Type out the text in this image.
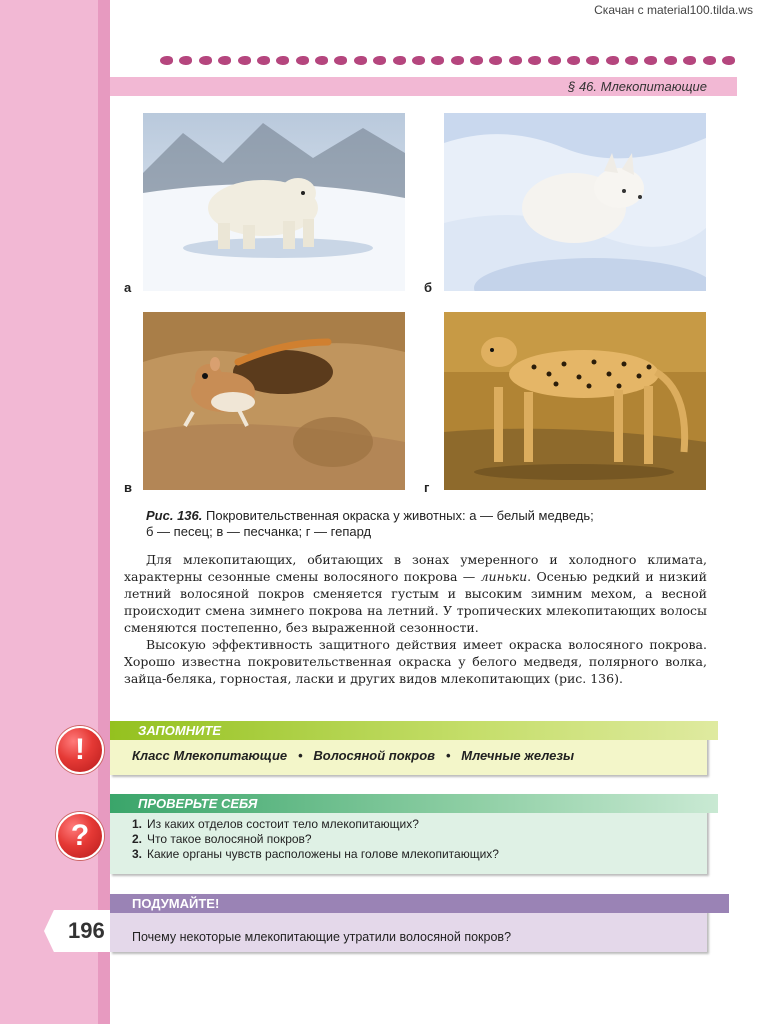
Скачан с material100.tilda.ws
§ 46. Млекопитающие
а	б
в	г
Рис. 136. Покровительственная окраска у животных: а — белый медведь;
б — песец; в — песчанка; г — гепард

Для млекопитающих, обитающих в зонах умеренного и холодного климата, характерны сезонные смены волосяного покрова — линьки. Осенью редкий и низкий летний волосяной покров сменяется густым и высоким зимним мехом, а весной происходит смена зимнего покрова на летний. У тропических млекопитающих волосы сменяются постепенно, без выраженной сезонности.

Высокую эффективность защитного действия имеет окраска волосяного покрова. Хорошо известна покровительственная окраска у белого медведя, полярного волка, зайца-беляка, горностая, ласки и других видов млекопитающих (рис. 136).

!
ЗАПОМНИТЕ
Класс Млекопитающие • Волосяной покров • Млечные железы
?
ПРОВЕРЬТЕ СЕБЯ
1. Из каких отделов состоит тело млекопитающих?
2. Что такое волосяной покров?
3. Какие органы чувств расположены на голове млекопитающих?
ПОДУМАЙТЕ!
Почему некоторые млекопитающие утратили волосяной покров?
196
